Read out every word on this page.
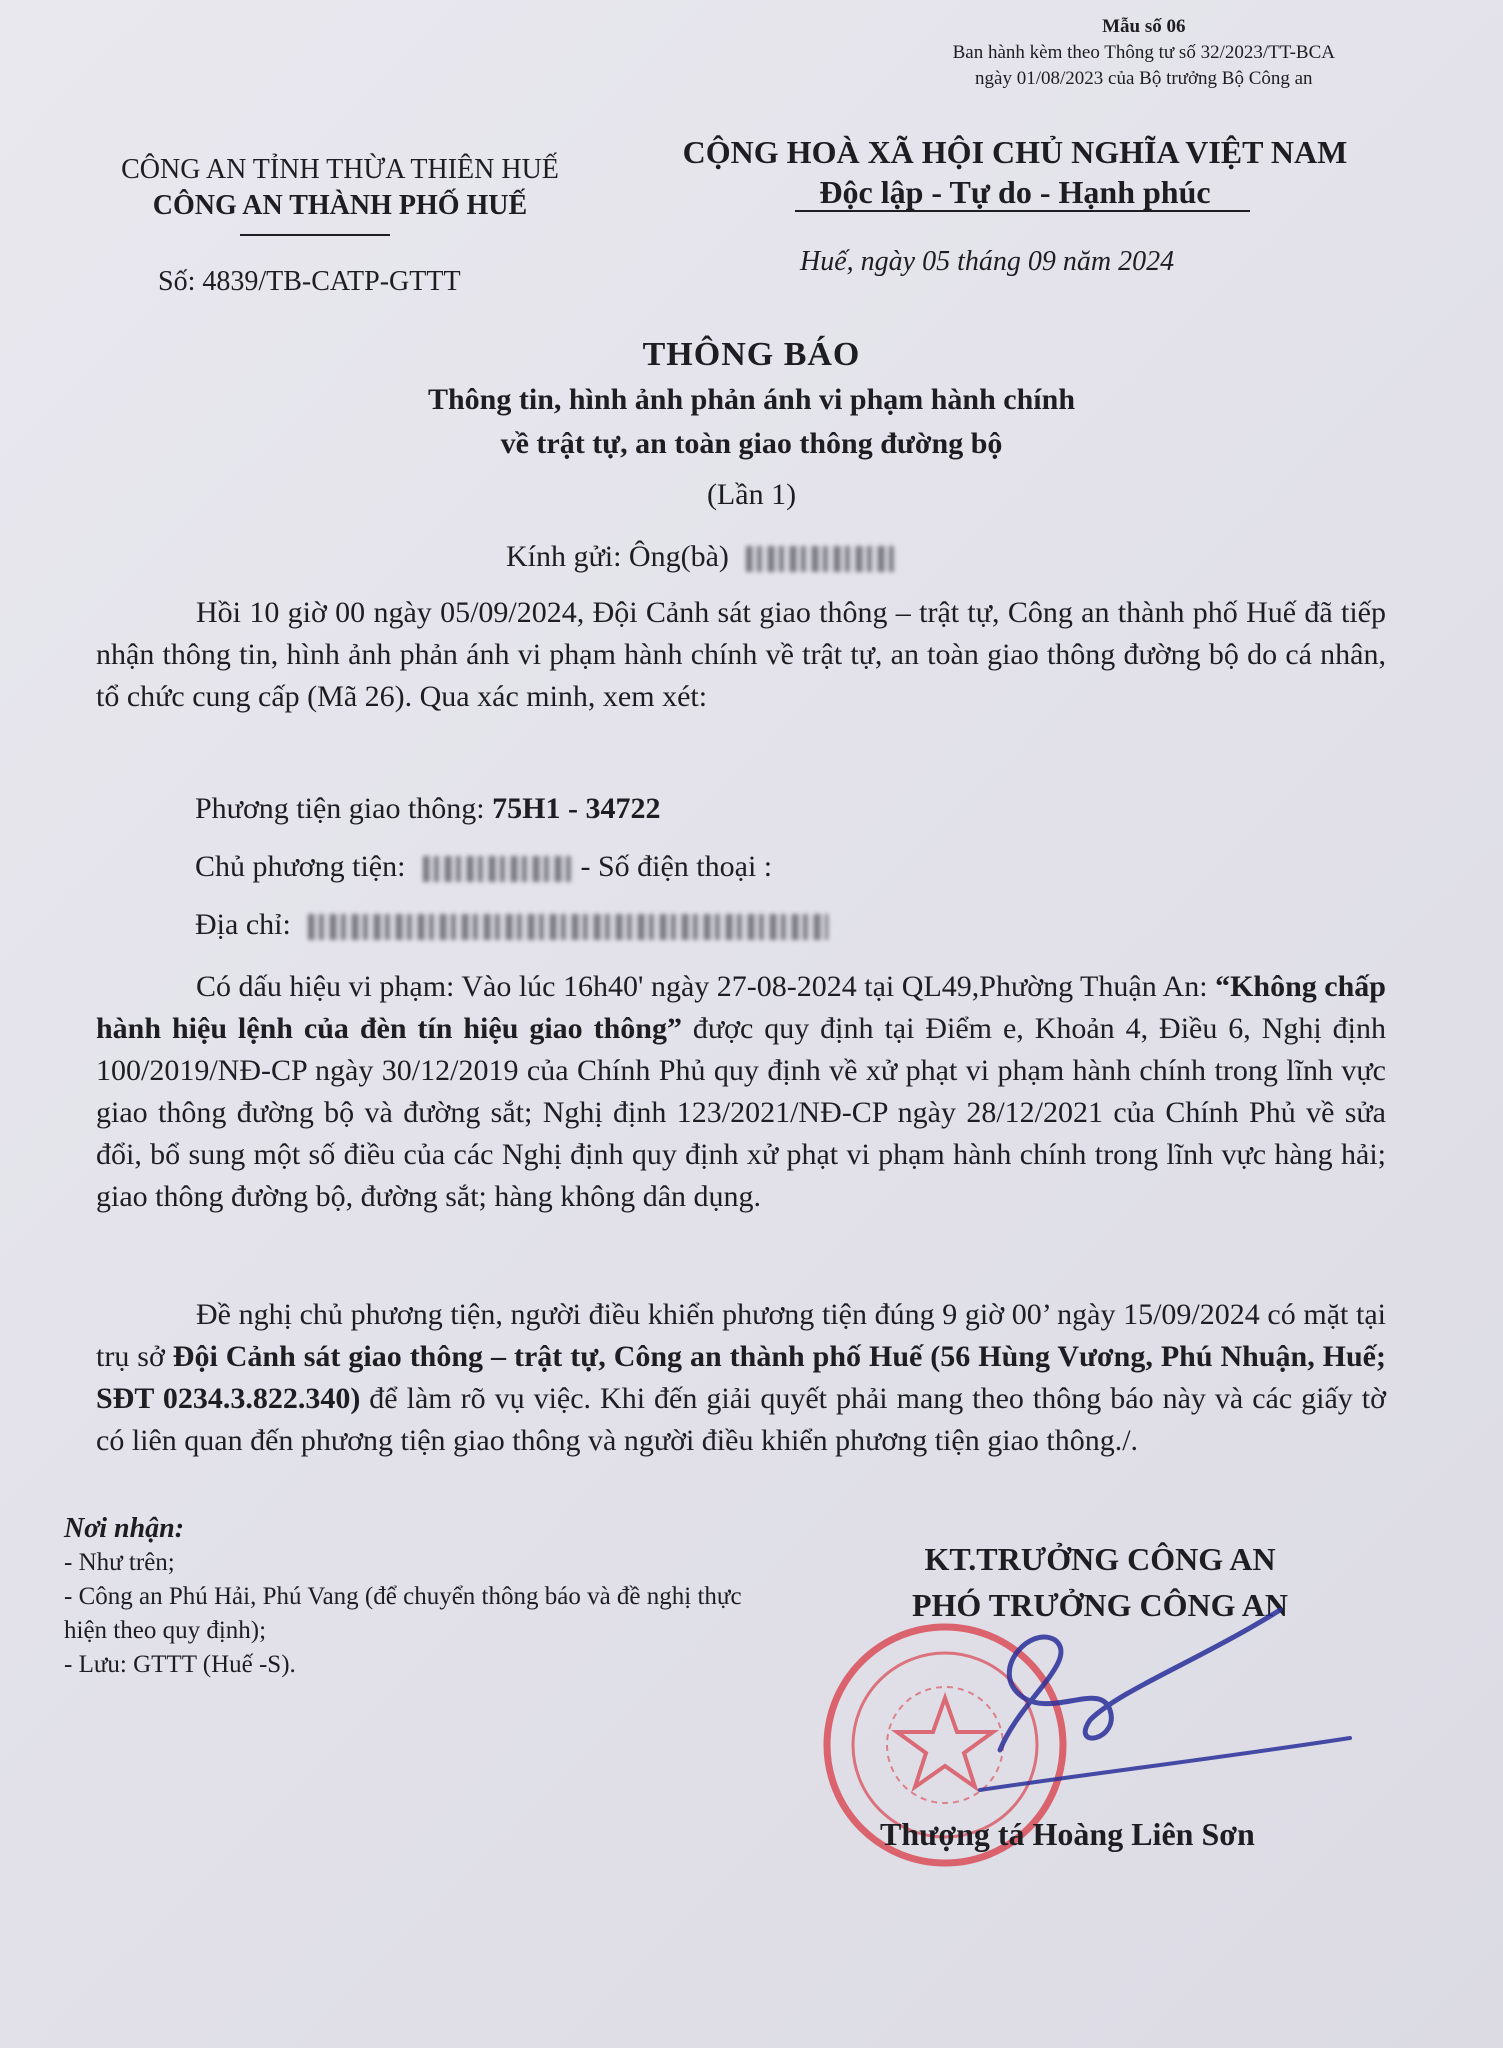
Mẫu số 06
Ban hành kèm theo Thông tư số 32/2023/TT-BCA
ngày 01/08/2023 của Bộ trưởng Bộ Công an
CÔNG AN TỈNH THỪA THIÊN HUẾ
CÔNG AN THÀNH PHỐ HUẾ
Số: 4839/TB-CATP-GTTT
CỘNG HOÀ XÃ HỘI CHỦ NGHĨA VIỆT NAM
Độc lập - Tự do - Hạnh phúc
Huế, ngày 05 tháng 09 năm 2024
THÔNG BÁO
Thông tin, hình ảnh phản ánh vi phạm hành chính
về trật tự, an toàn giao thông đường bộ
(Lần 1)
Kính gửi: Ông(bà)
Hồi 10 giờ 00 ngày 05/09/2024, Đội Cảnh sát giao thông – trật tự, Công an thành phố Huế đã tiếp nhận thông tin, hình ảnh phản ánh vi phạm hành chính về trật tự, an toàn giao thông đường bộ do cá nhân, tổ chức cung cấp (Mã 26). Qua xác minh, xem xét:
Phương tiện giao thông: 75H1 - 34722
Chủ phương tiện:	- Số điện thoại :
Địa chỉ:
Có dấu hiệu vi phạm: Vào lúc 16h40' ngày 27-08-2024 tại QL49,Phường Thuận An: “Không chấp hành hiệu lệnh của đèn tín hiệu giao thông” được quy định tại Điểm e, Khoản 4, Điều 6, Nghị định 100/2019/NĐ-CP ngày 30/12/2019 của Chính Phủ quy định về xử phạt vi phạm hành chính trong lĩnh vực giao thông đường bộ và đường sắt; Nghị định 123/2021/NĐ-CP ngày 28/12/2021 của Chính Phủ về sửa đổi, bổ sung một số điều của các Nghị định quy định xử phạt vi phạm hành chính trong lĩnh vực hàng hải; giao thông đường bộ, đường sắt; hàng không dân dụng.
Đề nghị chủ phương tiện, người điều khiển phương tiện đúng 9 giờ 00’ ngày 15/09/2024 có mặt tại trụ sở Đội Cảnh sát giao thông – trật tự, Công an thành phố Huế (56 Hùng Vương, Phú Nhuận, Huế; SĐT 0234.3.822.340) để làm rõ vụ việc. Khi đến giải quyết phải mang theo thông báo này và các giấy tờ có liên quan đến phương tiện giao thông và người điều khiển phương tiện giao thông./.
Nơi nhận:
- Như trên;
- Công an Phú Hải, Phú Vang (để chuyển thông báo và đề nghị thực hiện theo quy định);
- Lưu: GTTT (Huế -S).
KT.TRƯỞNG CÔNG AN
PHÓ TRƯỞNG CÔNG AN
Thượng tá Hoàng Liên Sơn
